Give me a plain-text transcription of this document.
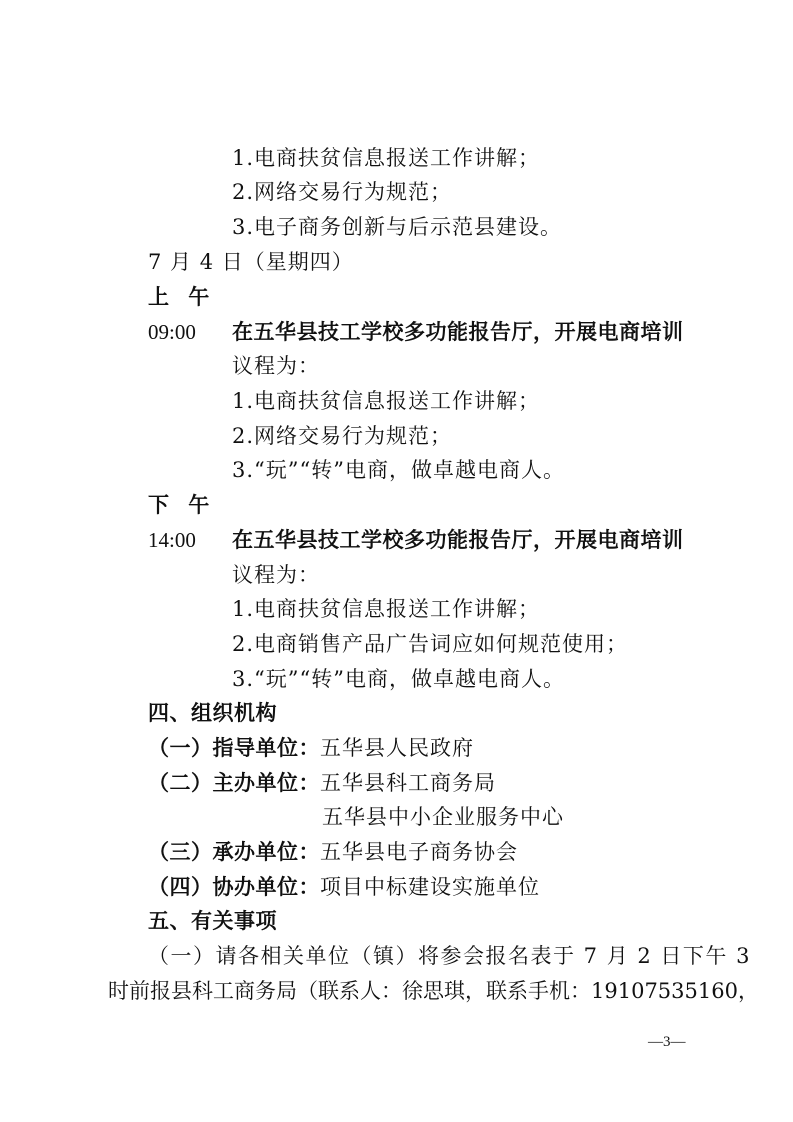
1.电商扶贫信息报送工作讲解；
2.网络交易行为规范；
3.电子商务创新与后示范县建设。
7 月 4 日（星期四）
上 午
09:00 在五华县技工学校多功能报告厅，开展电商培训
议程为：
1.电商扶贫信息报送工作讲解；
2.网络交易行为规范；
3.“玩”“转”电商，做卓越电商人。
下 午
14:00 在五华县技工学校多功能报告厅，开展电商培训
议程为：
1.电商扶贫信息报送工作讲解；
2.电商销售产品广告词应如何规范使用；
3.“玩”“转”电商，做卓越电商人。
四、组织机构
（一）指导单位：五华县人民政府
（二）主办单位：五华县科工商务局
五华县中小企业服务中心
（三）承办单位：五华县电子商务协会
（四）协办单位：项目中标建设实施单位
五、有关事项
（一）请各相关单位（镇）将参会报名表于 7 月 2 日下午 3
时前报县科工商务局（联系人：徐思琪，联系手机：19107535160，
—3—
